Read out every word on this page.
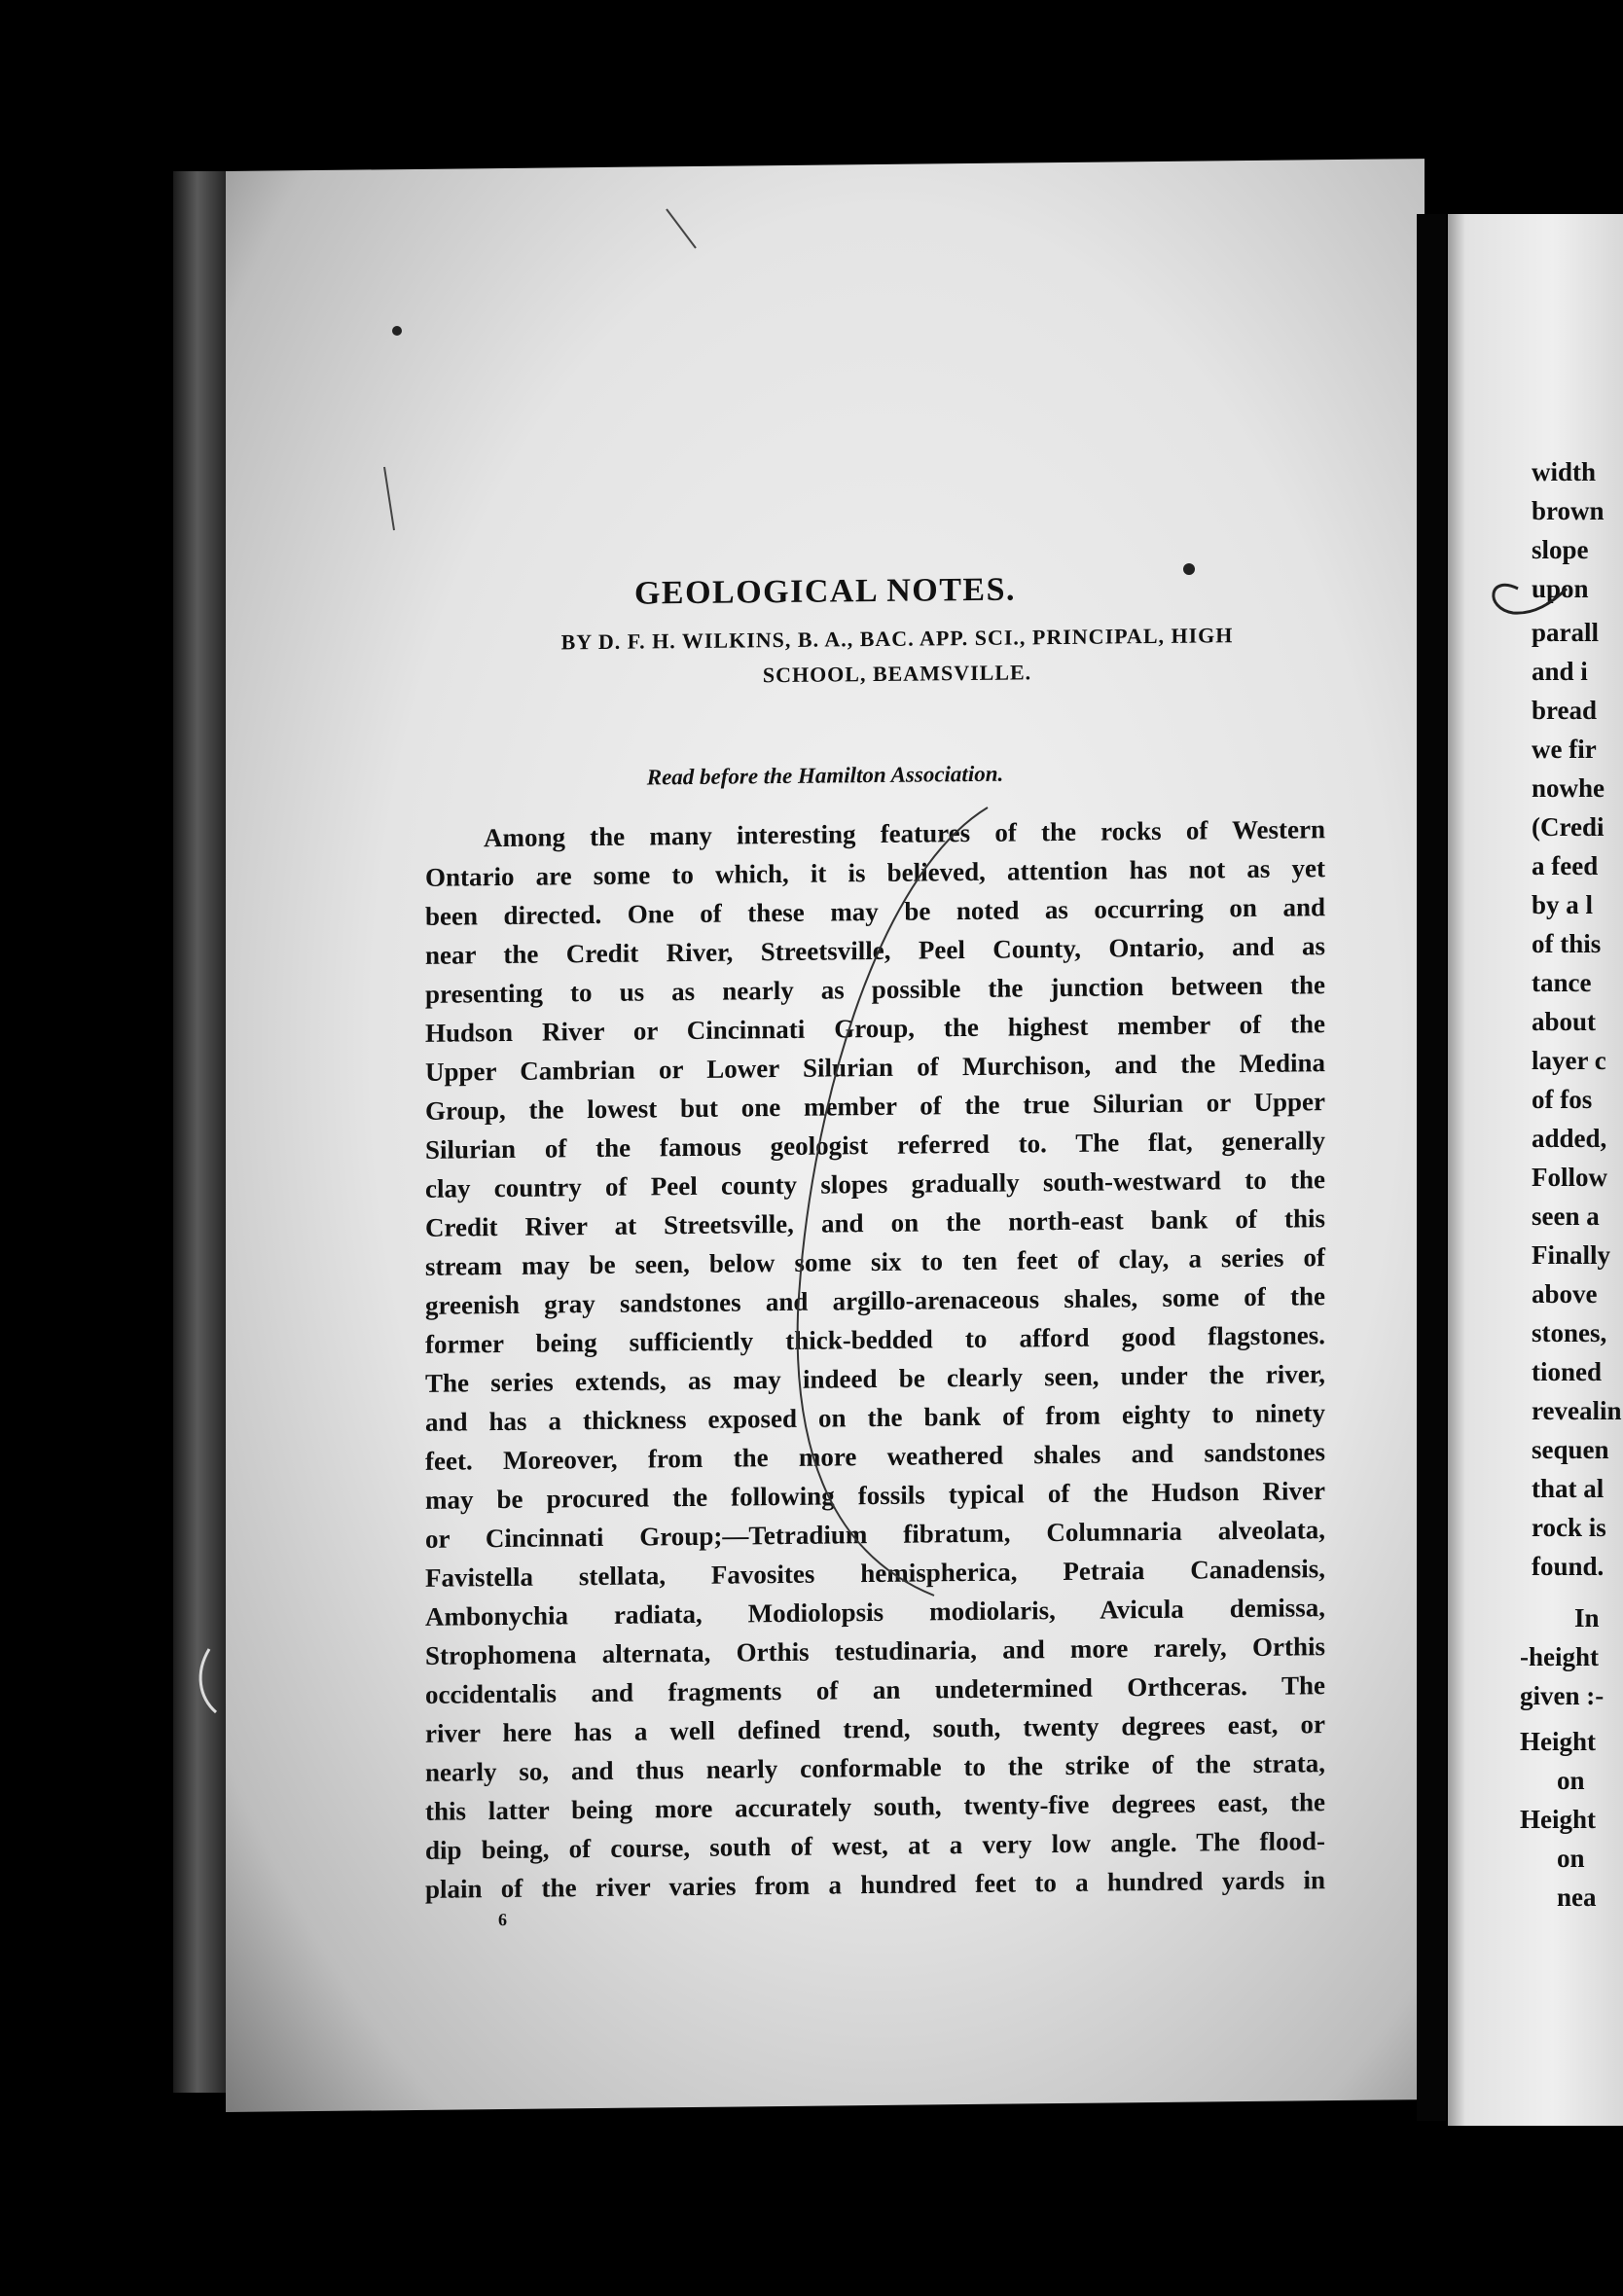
GEOLOGICAL NOTES.
BY D. F. H. WILKINS, B. A., BAC. APP. SCI., PRINCIPAL, HIGH
SCHOOL, BEAMSVILLE.
Read before the Hamilton Association.
Among the many interesting features of the rocks of Western
Ontario are some to which, it is believed, attention has not as yet
been directed. One of these may be noted as occurring on and
near the Credit River, Streetsville, Peel County, Ontario, and as
presenting to us as nearly as possible the junction between the
Hudson River or Cincinnati Group, the highest member of the
Upper Cambrian or Lower Silurian of Murchison, and the Medina
Group, the lowest but one member of the true Silurian or Upper
Silurian of the famous geologist referred to. The flat, generally
clay country of Peel county slopes gradually south-westward to the
Credit River at Streetsville, and on the north-east bank of this
stream may be seen, below some six to ten feet of clay, a series of
greenish gray sandstones and argillo-arenaceous shales, some of the
former being sufficiently thick-bedded to afford good flagstones.
The series extends, as may indeed be clearly seen, under the river,
and has a thickness exposed on the bank of from eighty to ninety
feet. Moreover, from the more weathered shales and sandstones
may be procured the following fossils typical of the Hudson River
or Cincinnati Group;—Tetradium fibratum, Columnaria alveolata,
Favistella stellata, Favosites hemispherica, Petraia Canadensis,
Ambonychia radiata, Modiolopsis modiolaris, Avicula demissa,
Strophomena alternata, Orthis testudinaria, and more rarely, Orthis
occidentalis and fragments of an undetermined Orthceras. The
river here has a well defined trend, south, twenty degrees east, or
nearly so, and thus nearly conformable to the strike of the strata,
this latter being more accurately south, twenty-five degrees east, the
dip being, of course, south of west, at a very low angle. The flood-
plain of the river varies from a hundred feet to a hundred yards in
6
width
brown
slope
upon
parall
and i
bread
we fir
nowhe
(Credi
a feed
by a l
of this
tance
about
layer c
of fos
added,
Follow
seen a
Finally
above
stones,
tioned
revealin
sequen
that al
rock is
found.
In
-height
given :-
Height
on
Height
on
nea
